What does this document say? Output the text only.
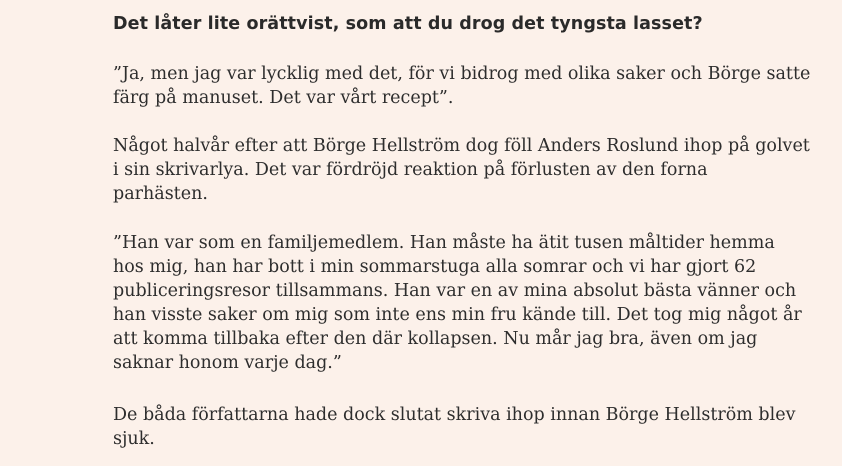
Det låter lite orättvist, som att du drog det tyngsta lasset?

”Ja, men jag var lycklig med det, för vi bidrog med olika saker och Börge satte
färg på manuset. Det var vårt recept”.

Något halvår efter att Börge Hellström dog föll Anders Roslund ihop på golvet
i sin skrivarlya. Det var fördröjd reaktion på förlusten av den forna
parhästen.

”Han var som en familjemedlem. Han måste ha ätit tusen måltider hemma
hos mig, han har bott i min sommarstuga alla somrar och vi har gjort 62
publiceringsresor tillsammans. Han var en av mina absolut bästa vänner och
han visste saker om mig som inte ens min fru kände till. Det tog mig något år
att komma tillbaka efter den där kollapsen. Nu mår jag bra, även om jag
saknar honom varje dag.”

De båda författarna hade dock slutat skriva ihop innan Börge Hellström blev
sjuk.
